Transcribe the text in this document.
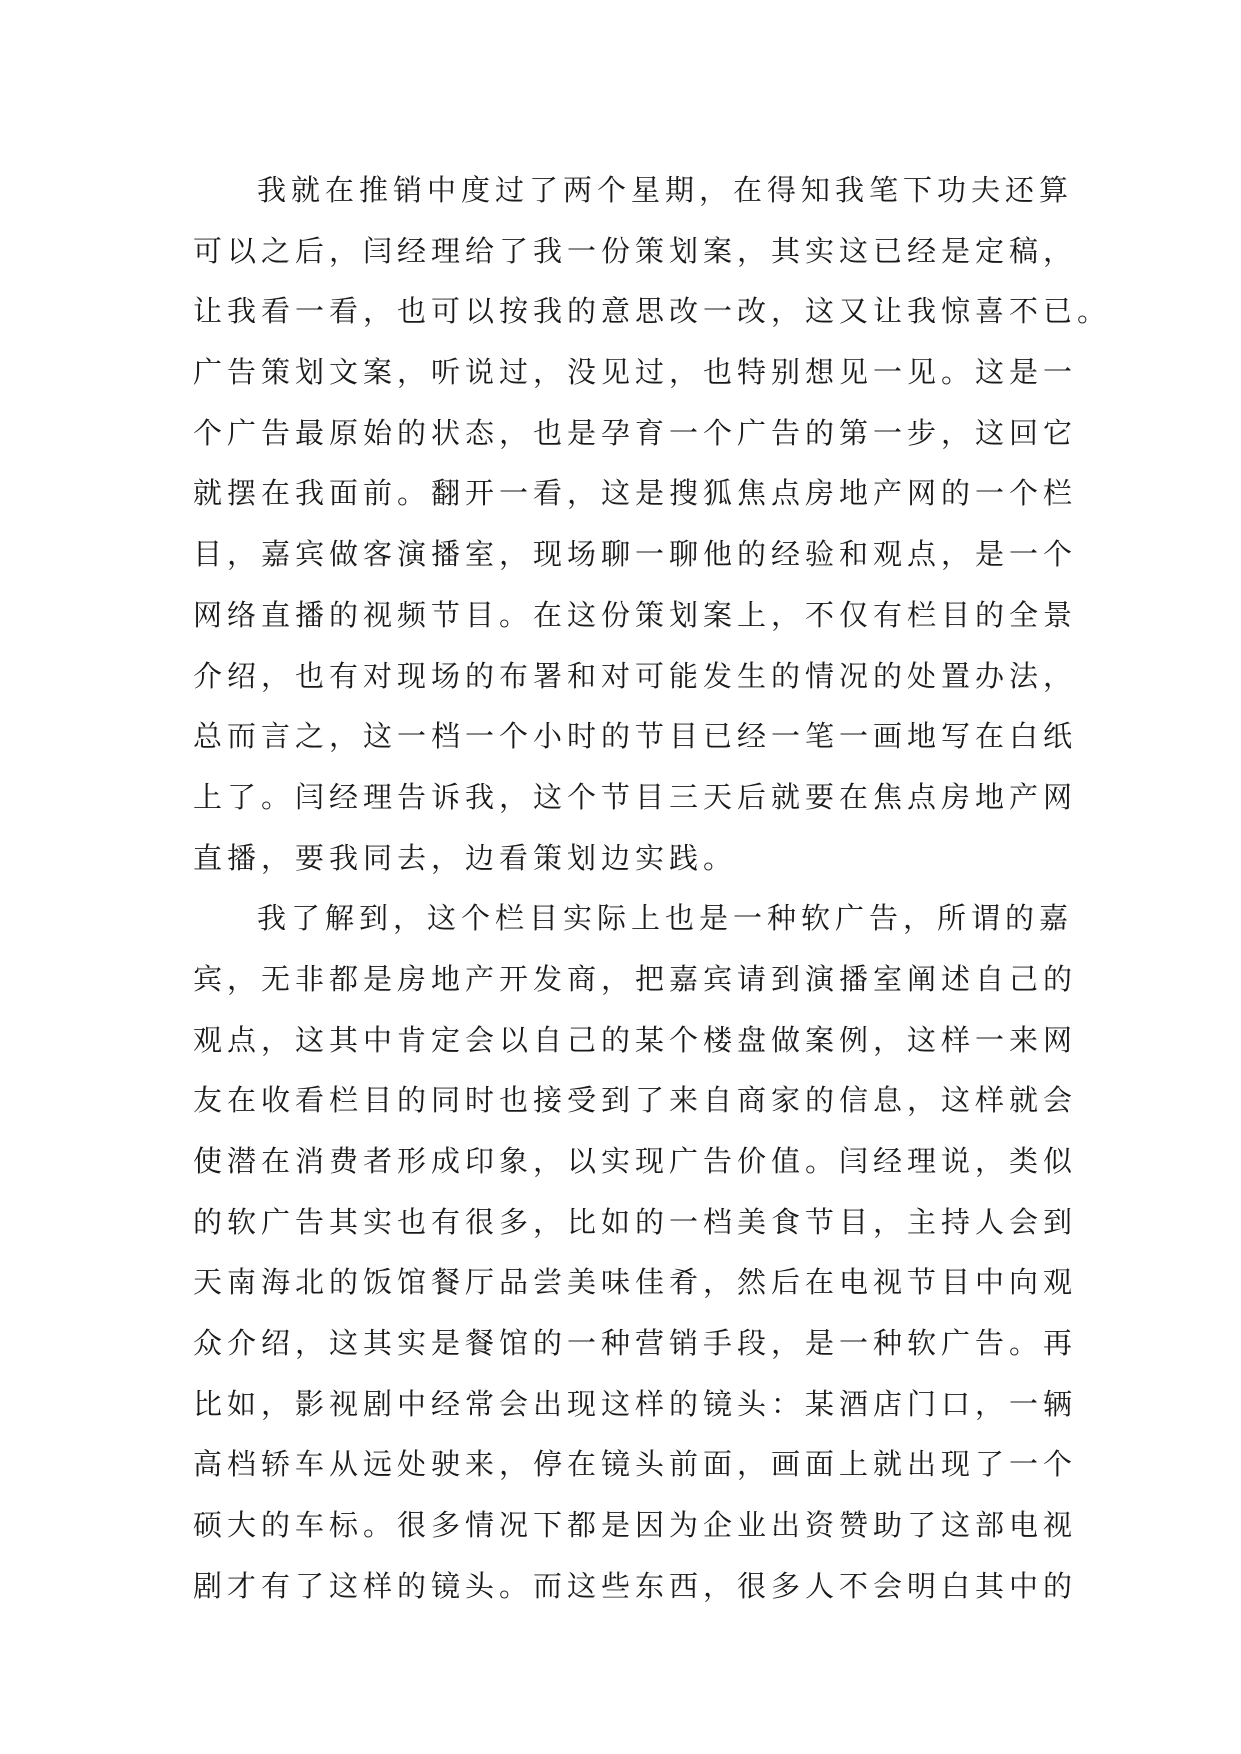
我就在推销中度过了两个星期，在得知我笔下功夫还算
可以之后，闫经理给了我一份策划案，其实这已经是定稿，
让我看一看，也可以按我的意思改一改，这又让我惊喜不已。
广告策划文案，听说过，没见过，也特别想见一见。这是一
个广告最原始的状态，也是孕育一个广告的第一步，这回它
就摆在我面前。翻开一看，这是搜狐焦点房地产网的一个栏
目，嘉宾做客演播室，现场聊一聊他的经验和观点，是一个
网络直播的视频节目。在这份策划案上，不仅有栏目的全景
介绍，也有对现场的布署和对可能发生的情况的处置办法，
总而言之，这一档一个小时的节目已经一笔一画地写在白纸
上了。闫经理告诉我，这个节目三天后就要在焦点房地产网
直播，要我同去，边看策划边实践。
我了解到，这个栏目实际上也是一种软广告，所谓的嘉
宾，无非都是房地产开发商，把嘉宾请到演播室阐述自己的
观点，这其中肯定会以自己的某个楼盘做案例，这样一来网
友在收看栏目的同时也接受到了来自商家的信息，这样就会
使潜在消费者形成印象，以实现广告价值。闫经理说，类似
的软广告其实也有很多，比如的一档美食节目，主持人会到
天南海北的饭馆餐厅品尝美味佳肴，然后在电视节目中向观
众介绍，这其实是餐馆的一种营销手段，是一种软广告。再
比如，影视剧中经常会出现这样的镜头：某酒店门口，一辆
高档轿车从远处驶来，停在镜头前面，画面上就出现了一个
硕大的车标。很多情况下都是因为企业出资赞助了这部电视
剧才有了这样的镜头。而这些东西，很多人不会明白其中的
